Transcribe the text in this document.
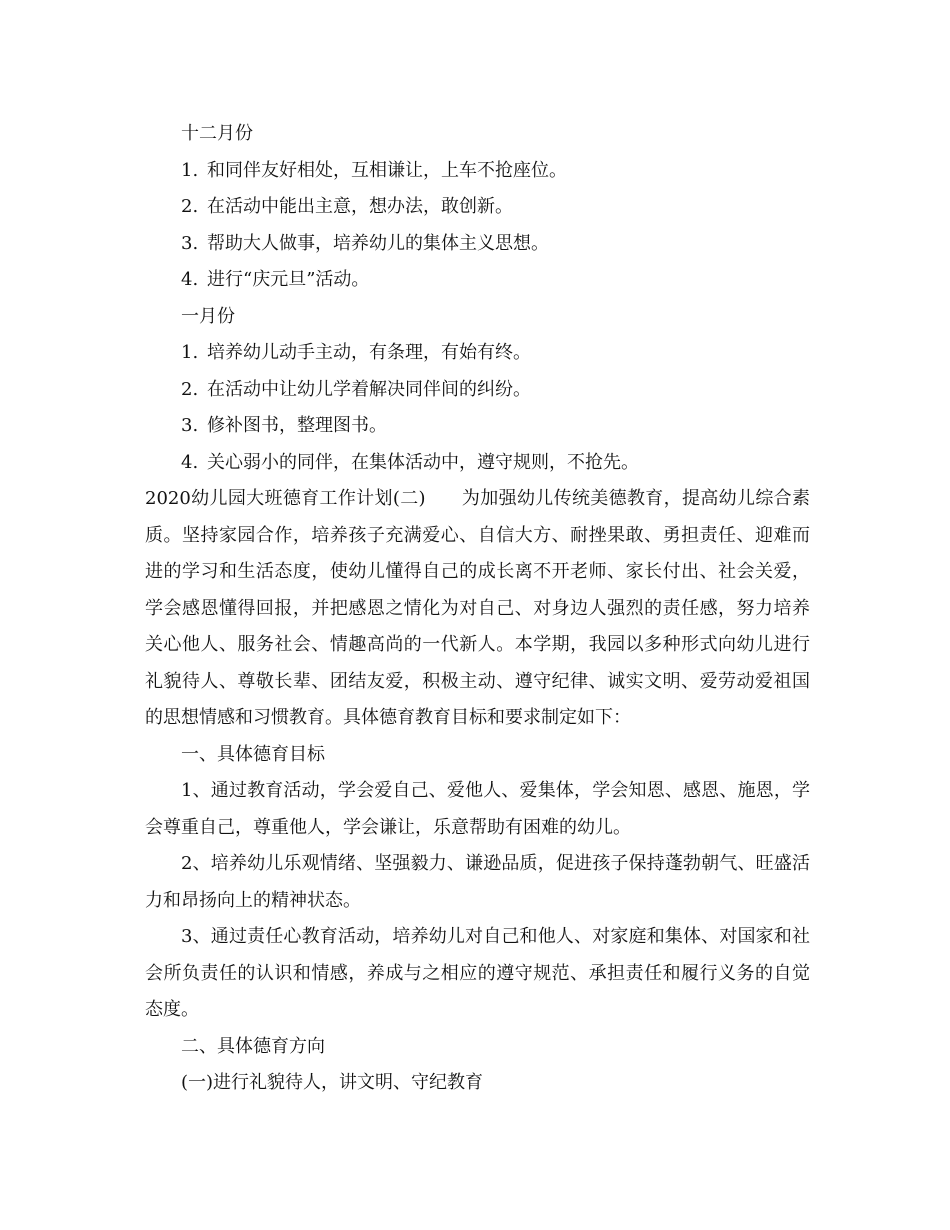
十二月份

1. 和同伴友好相处，互相谦让，上车不抢座位。

2. 在活动中能出主意，想办法，敢创新。

3. 帮助大人做事，培养幼儿的集体主义思想。

4. 进行“庆元旦”活动。

一月份

1. 培养幼儿动手主动，有条理，有始有终。

2. 在活动中让幼儿学着解决同伴间的纠纷。

3. 修补图书，整理图书。

4. 关心弱小的同伴，在集体活动中，遵守规则，不抢先。

2020幼儿园大班德育工作计划(二) 为加强幼儿传统美德教育，提高幼儿综合素质。坚持家园合作，培养孩子充满爱心、自信大方、耐挫果敢、勇担责任、迎难而进的学习和生活态度，使幼儿懂得自己的成长离不开老师、家长付出、社会关爱，学会感恩懂得回报，并把感恩之情化为对自己、对身边人强烈的责任感，努力培养关心他人、服务社会、情趣高尚的一代新人。本学期，我园以多种形式向幼儿进行礼貌待人、尊敬长辈、团结友爱，积极主动、遵守纪律、诚实文明、爱劳动爱祖国的思想情感和习惯教育。具体德育教育目标和要求制定如下：

一、具体德育目标

1、通过教育活动，学会爱自己、爱他人、爱集体，学会知恩、感恩、施恩，学会尊重自己，尊重他人，学会谦让，乐意帮助有困难的幼儿。

2、培养幼儿乐观情绪、坚强毅力、谦逊品质，促进孩子保持蓬勃朝气、旺盛活力和昂扬向上的精神状态。

3、通过责任心教育活动，培养幼儿对自己和他人、对家庭和集体、对国家和社会所负责任的认识和情感，养成与之相应的遵守规范、承担责任和履行义务的自觉态度。

二、具体德育方向

(一)进行礼貌待人，讲文明、守纪教育
